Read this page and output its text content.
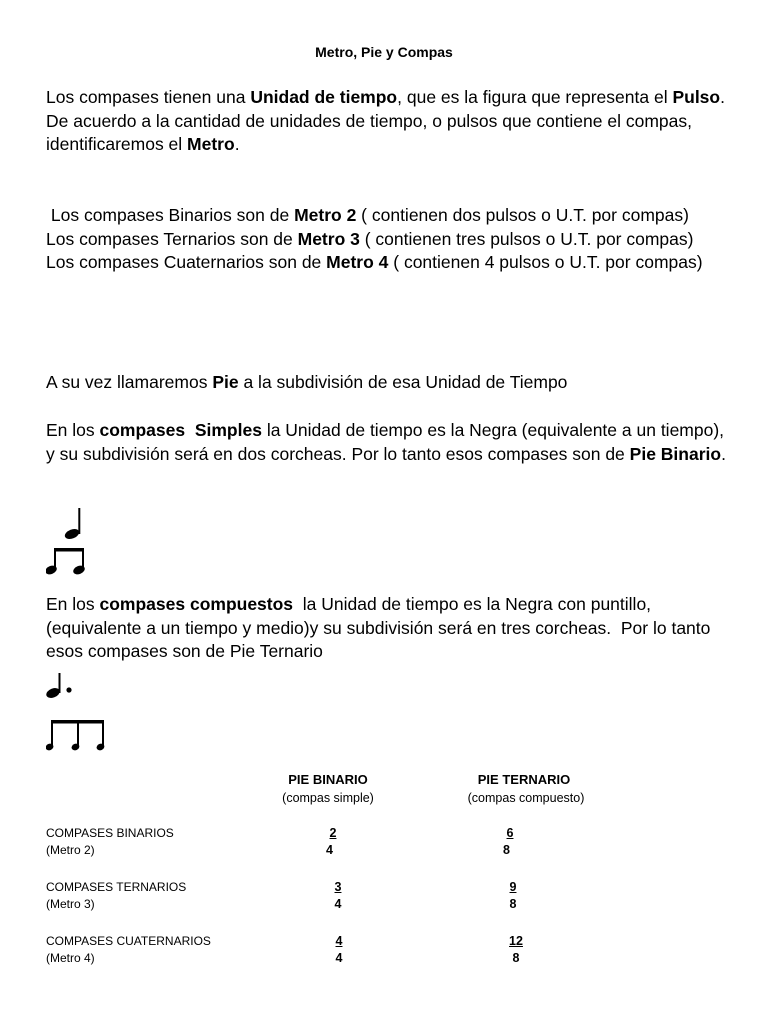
Metro, Pie y Compas
Los compases tienen una Unidad de tiempo, que es la figura que representa el Pulso.
De acuerdo a la cantidad de unidades de tiempo, o pulsos que contiene el compas, identificaremos el Metro.
Los compases Binarios son de Metro 2 ( contienen dos pulsos o U.T. por compas)
Los compases Ternarios son de Metro 3 ( contienen tres pulsos o U.T. por compas)
Los compases Cuaternarios son de Metro 4 ( contienen 4 pulsos o U.T. por compas)
A su vez llamaremos Pie a la subdivisión de esa Unidad de Tiempo
En los compases  Simples la Unidad de tiempo es la Negra (equivalente a un tiempo), y su subdivisión será en dos corcheas. Por lo tanto esos compases son de Pie Binario.
En los compases compuestos  la Unidad de tiempo es la Negra con puntillo, (equivalente a un tiempo y medio)y su subdivisión será en tres corcheas.  Por lo tanto esos compases son de Pie Ternario
PIE BINARIO
(compas simple)
PIE TERNARIO
(compas compuesto)
COMPASES BINARIOS
(Metro 2)	$\frac{2}{4}$	$\frac{6}{8}$
COMPASES TERNARIOS
(Metro 3)	$\frac{3}{4}$	$\frac{9}{8}$
COMPASES CUATERNARIOS
(Metro 4)	$\frac{4}{4}$	$\frac{12}{8}$
